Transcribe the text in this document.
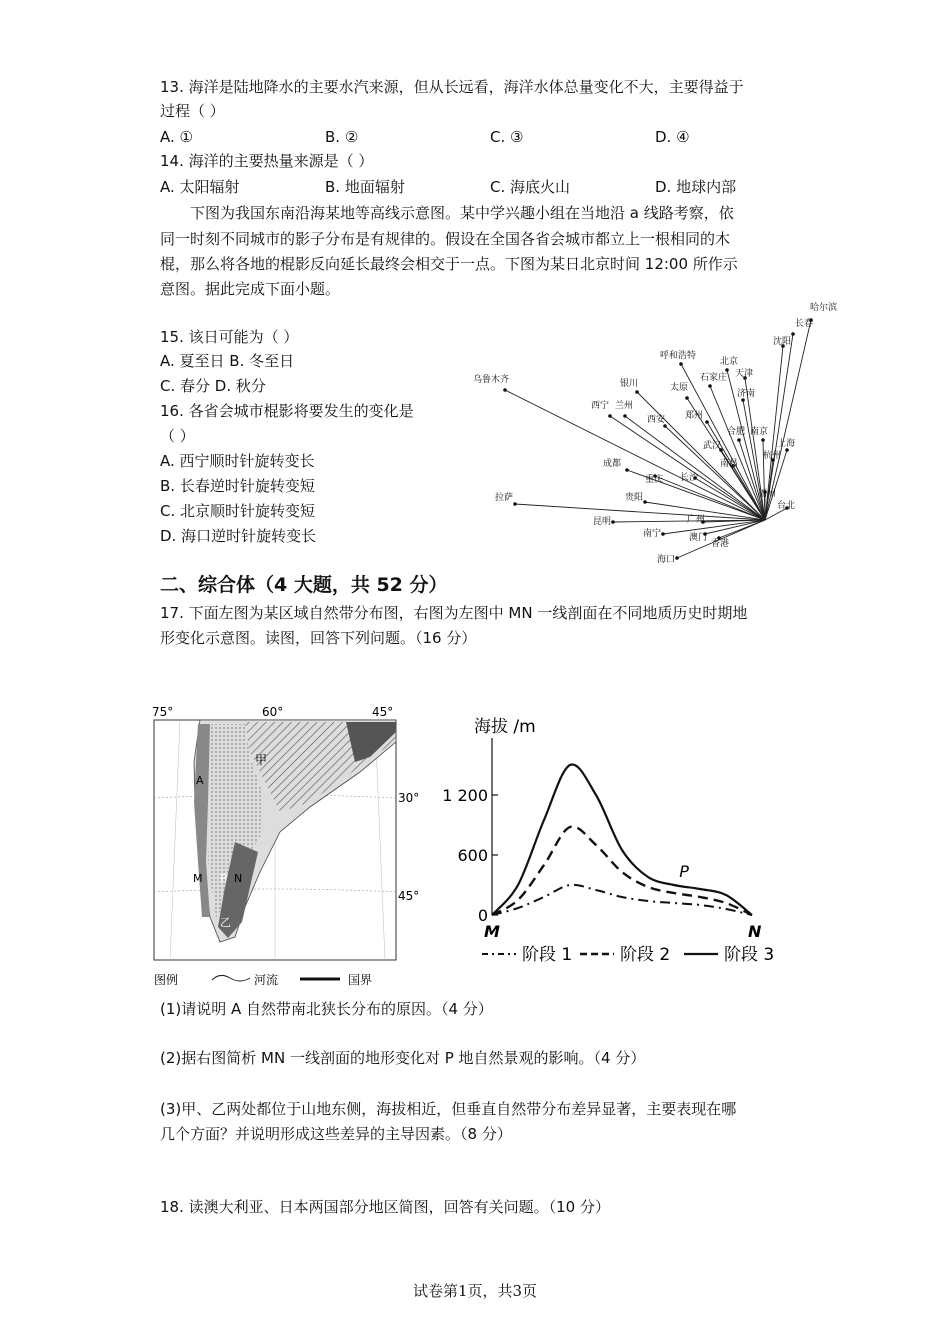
13. 海洋是陆地降水的主要水汽来源，但从长远看，海洋水体总量变化不大，主要得益于
过程（ ）
A. ①	B. ②	C. ③	D. ④
14. 海洋的主要热量来源是（ ）
A. 太阳辐射	B. 地面辐射	C. 海底火山	D. 地球内部
下图为我国东南沿海某地等高线示意图。某中学兴趣小组在当地沿 a 线路考察，依
同一时刻不同城市的影子分布是有规律的。假设在全国各省会城市都立上一根相同的木
棍，那么将各地的棍影反向延长最终会相交于一点。下图为某日北京时间 12:00 所作示
意图。据此完成下面小题。
15. 该日可能为（ ）
A. 夏至日 B. 冬至日
C. 春分 D. 秋分
16. 各省会城市棍影将要发生的变化是
（ ）
A. 西宁顺时针旋转变长
B. 长春逆时针旋转变短
C. 北京顺时针旋转变短
D. 海口逆时针旋转变长
哈尔滨
长春
沈阳
呼和浩特
北京
天津
石家庄
济南
乌鲁木齐	银川	太原
西宁 兰州
郑州
西安
合肥 南京
上海
武汉
杭州
南昌
成都
重庆 长沙
拉萨	贵阳	福州
台北
昆明	广州
南宁	澳门
香港
海口
二、综合体（4 大题，共 52 分）
17. 下面左图为某区域自然带分布图，右图为左图中 MN 一线剖面在不同地质历史时期地
形变化示意图。读图，回答下列问题。（16 分）
75°	60°	45°
30°
45°
A
甲
M P N
乙
图例	河流	国界
海拔 /m
0
600
1 200
M	N
P
阶段 1	阶段 2	阶段 3
(1)请说明 A 自然带南北狭长分布的原因。（4 分）
(2)据右图简析 MN 一线剖面的地形变化对 P 地自然景观的影响。（4 分）
(3)甲、乙两处都位于山地东侧，海拔相近，但垂直自然带分布差异显著，主要表现在哪
几个方面？并说明形成这些差异的主导因素。（8 分）
18. 读澳大利亚、日本两国部分地区简图，回答有关问题。（10 分）
试卷第1页，共3页
